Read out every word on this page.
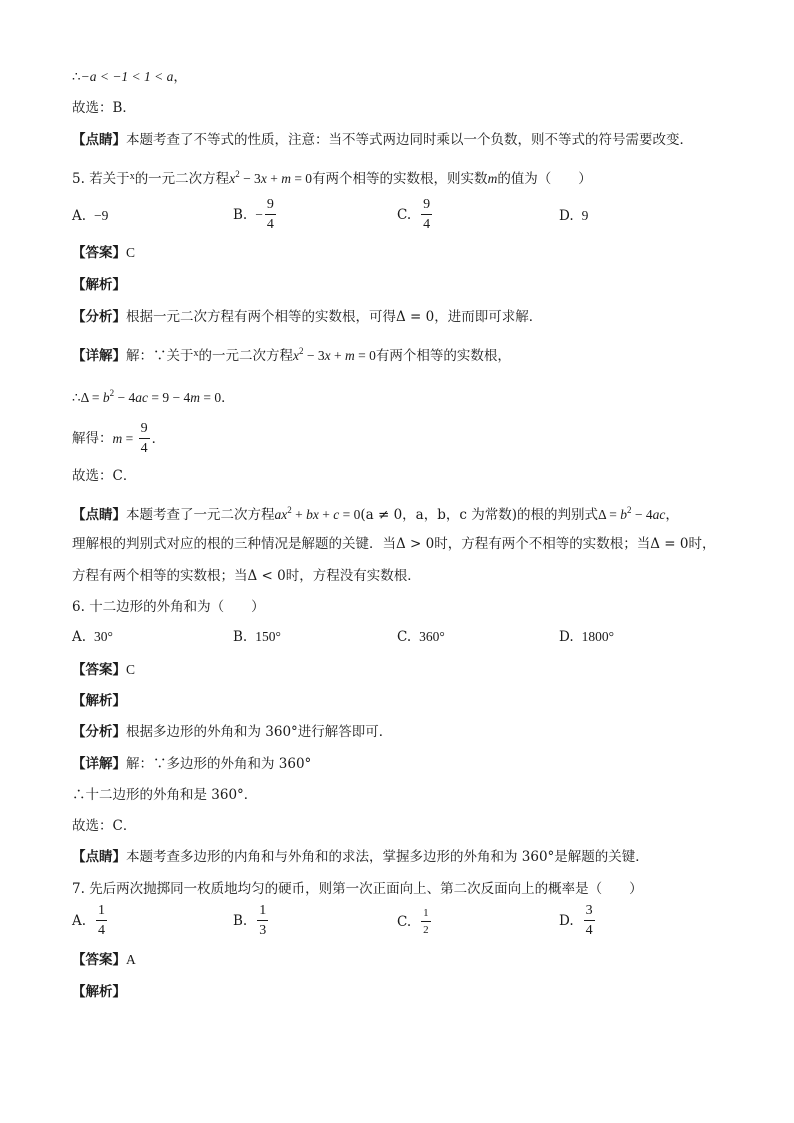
∴−a < −1 < 1 < a，
故选：B．
【点睛】本题考查了不等式的性质，注意：当不等式两边同时乘以一个负数，则不等式的符号需要改变．
5. 若关于$^x$的一元二次方程$x^2 - 3x + m = 0$有两个相等的实数根，则实数m的值为（　　）
A. −9	B. − $\frac{9}{4}$	C. $\frac{9}{4}$	D. 9
【答案】C
【解析】
【分析】根据一元二次方程有两个相等的实数根，可得Δ = 0，进而即可求解．
【详解】解：∵关于$^x$的一元二次方程$x^2 - 3x + m = 0$有两个相等的实数根，
∴Δ = $b^2 - 4ac = 9 - 4m = 0$．
解得：$m = \frac{9}{4}$ ．
故选：C．
【点睛】本题考查了一元二次方程$ax^2$ + bx + c = 0(a ≠ 0，a，b，c 为常数)的根的判别式$\Delta = b^2 - 4ac$，
理解根的判别式对应的根的三种情况是解题的关键．当Δ > 0时，方程有两个不相等的实数根；当Δ = 0时，
方程有两个相等的实数根；当Δ < 0时，方程没有实数根．
6. 十二边形的外角和为（　　）
A. 30°	B. 150°	C. 360°	D. 1800°
【答案】C
【解析】
【分析】根据多边形的外角和为 360°进行解答即可．
【详解】解：∵多边形的外角和为 360°
∴十二边形的外角和是 360°．
故选：C．
【点睛】本题考查多边形的内角和与外角和的求法，掌握多边形的外角和为 360°是解题的关键．
7. 先后两次抛掷同一枚质地均匀的硬币，则第一次正面向上、第二次反面向上的概率是（　　）
A. $\frac{1}{4}$	B. $\frac{1}{3}$	C. $\frac{1}{2}$	D. $\frac{3}{4}$
【答案】A
【解析】
